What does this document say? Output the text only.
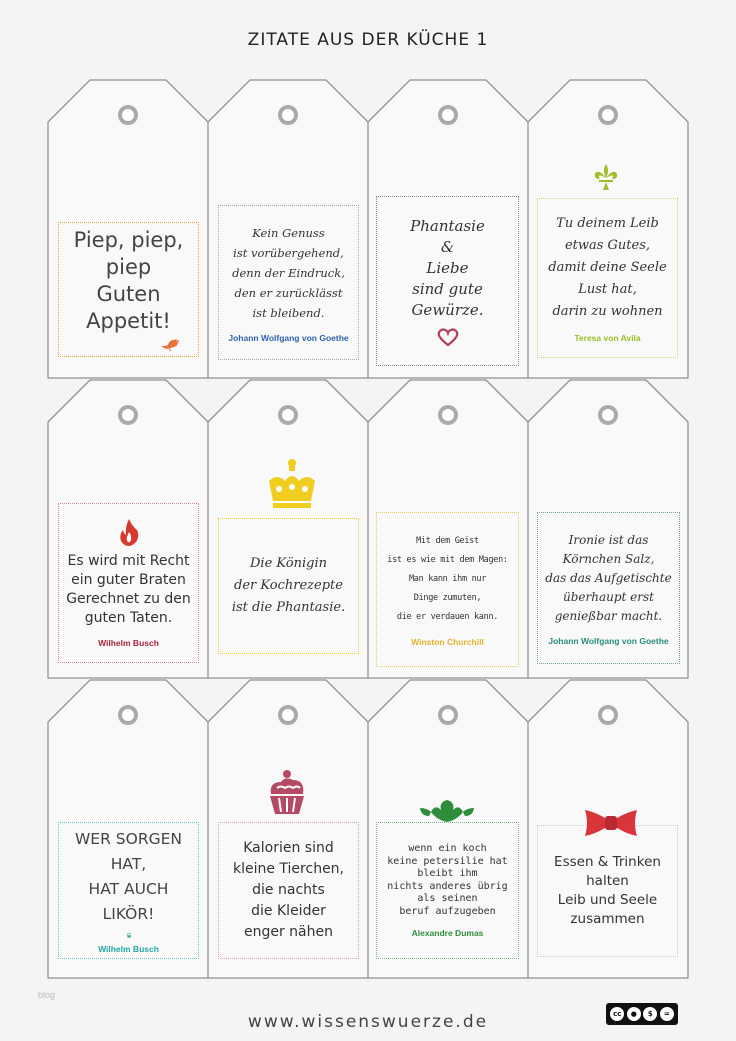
ZITATE AUS DER KÜCHE 1
Piep, piep, piep
Guten Appetit!
Kein Genuss
ist vorübergehend,
denn der Eindruck,
den er zurücklässt
ist bleibend.
Johann Wolfgang von Goethe
Phantasie
&
Liebe
sind gute
Gewürze.
Tu deinem Leib
etwas Gutes,
damit deine Seele
Lust hat,
darin zu wohnen
Teresa von Avila
Es wird mit Recht
ein guter Braten
Gerechnet zu den
guten Taten.
Wilhelm Busch
Die Königin
der Kochrezepte
ist die Phantasie.
Mit dem Geist
ist es wie mit dem Magen:
Man kann ihm nur
Dinge zumuten,
die er verdauen kann.
Winston Churchill
Ironie ist das
Körnchen Salz,
das das Aufgetischte
überhaupt erst
genießbar macht.
Johann Wolfgang von Goethe
WER SORGEN HAT,
HAT AUCH LIKÖR!
Wilhelm Busch
Kalorien sind
kleine Tierchen,
die nachts
die Kleider
enger nähen
wenn ein koch
keine petersilie hat
bleibt ihm
nichts anderes übrig
als seinen
beruf aufzugeben
Alexandre Dumas
Essen & Trinken
halten
Leib und Seele
zusammen
blog
www.wissenswuerze.de	cc	●	$	=
